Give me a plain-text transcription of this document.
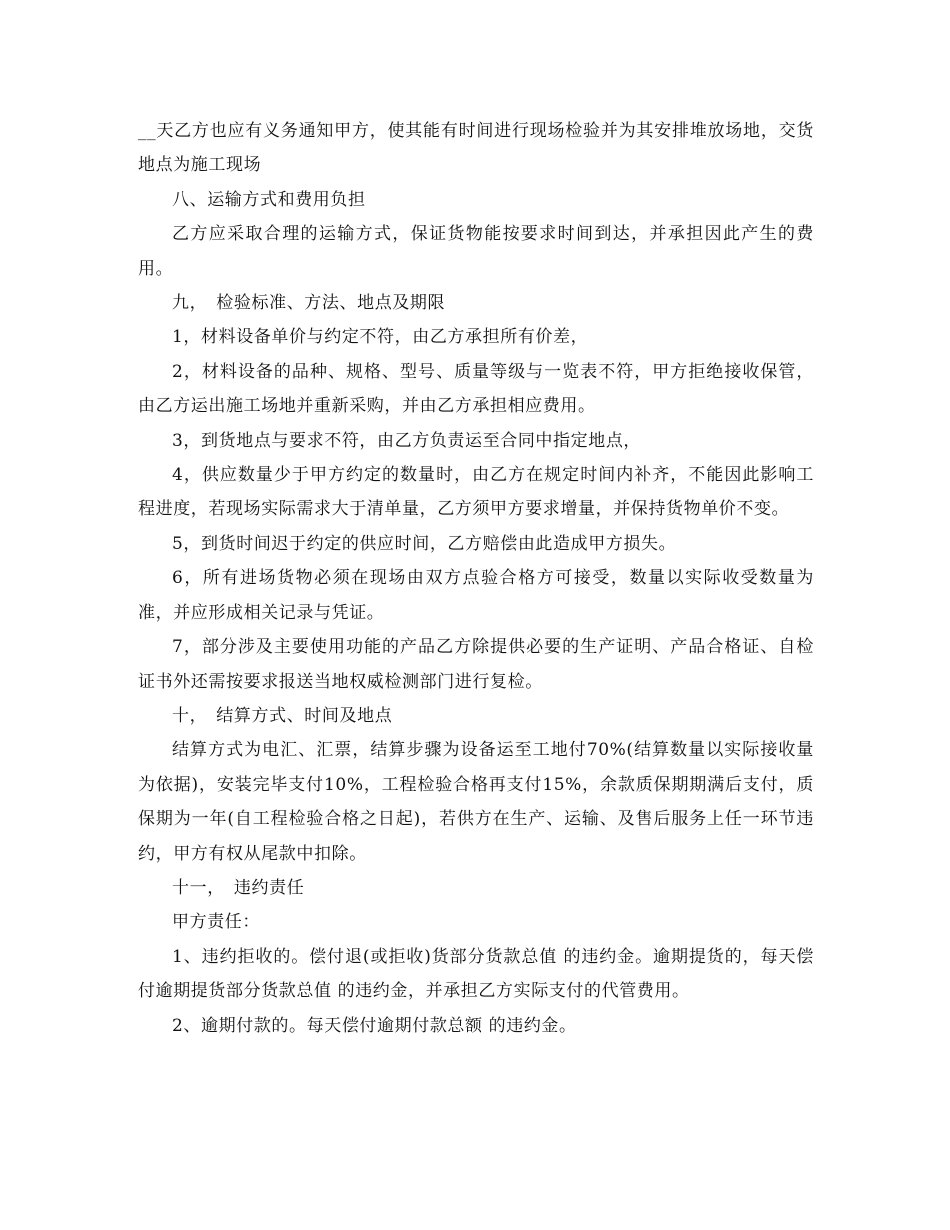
__天乙方也应有义务通知甲方，使其能有时间进行现场检验并为其安排堆放场地，交货地点为施工现场

八、运输方式和费用负担

乙方应采取合理的运输方式，保证货物能按要求时间到达，并承担因此产生的费用。

九，　检验标准、方法、地点及期限

1，材料设备单价与约定不符，由乙方承担所有价差，

2，材料设备的品种、规格、型号、质量等级与一览表不符，甲方拒绝接收保管，由乙方运出施工场地并重新采购，并由乙方承担相应费用。

3，到货地点与要求不符，由乙方负责运至合同中指定地点，

4，供应数量少于甲方约定的数量时，由乙方在规定时间内补齐，不能因此影响工程进度，若现场实际需求大于清单量，乙方须甲方要求增量，并保持货物单价不变。

5，到货时间迟于约定的供应时间，乙方赔偿由此造成甲方损失。

6，所有进场货物必须在现场由双方点验合格方可接受，数量以实际收受数量为准，并应形成相关记录与凭证。

7，部分涉及主要使用功能的产品乙方除提供必要的生产证明、产品合格证、自检证书外还需按要求报送当地权威检测部门进行复检。

十，　结算方式、时间及地点

结算方式为电汇、汇票，结算步骤为设备运至工地付70%(结算数量以实际接收量为依据)，安装完毕支付10%，工程检验合格再支付15%，余款质保期期满后支付，质保期为一年(自工程检验合格之日起)，若供方在生产、运输、及售后服务上任一环节违约，甲方有权从尾款中扣除。

十一，　违约责任

甲方责任：

1、违约拒收的。偿付退(或拒收)货部分货款总值 的违约金。逾期提货的，每天偿付逾期提货部分货款总值 的违约金，并承担乙方实际支付的代管费用。

2、逾期付款的。每天偿付逾期付款总额 的违约金。
